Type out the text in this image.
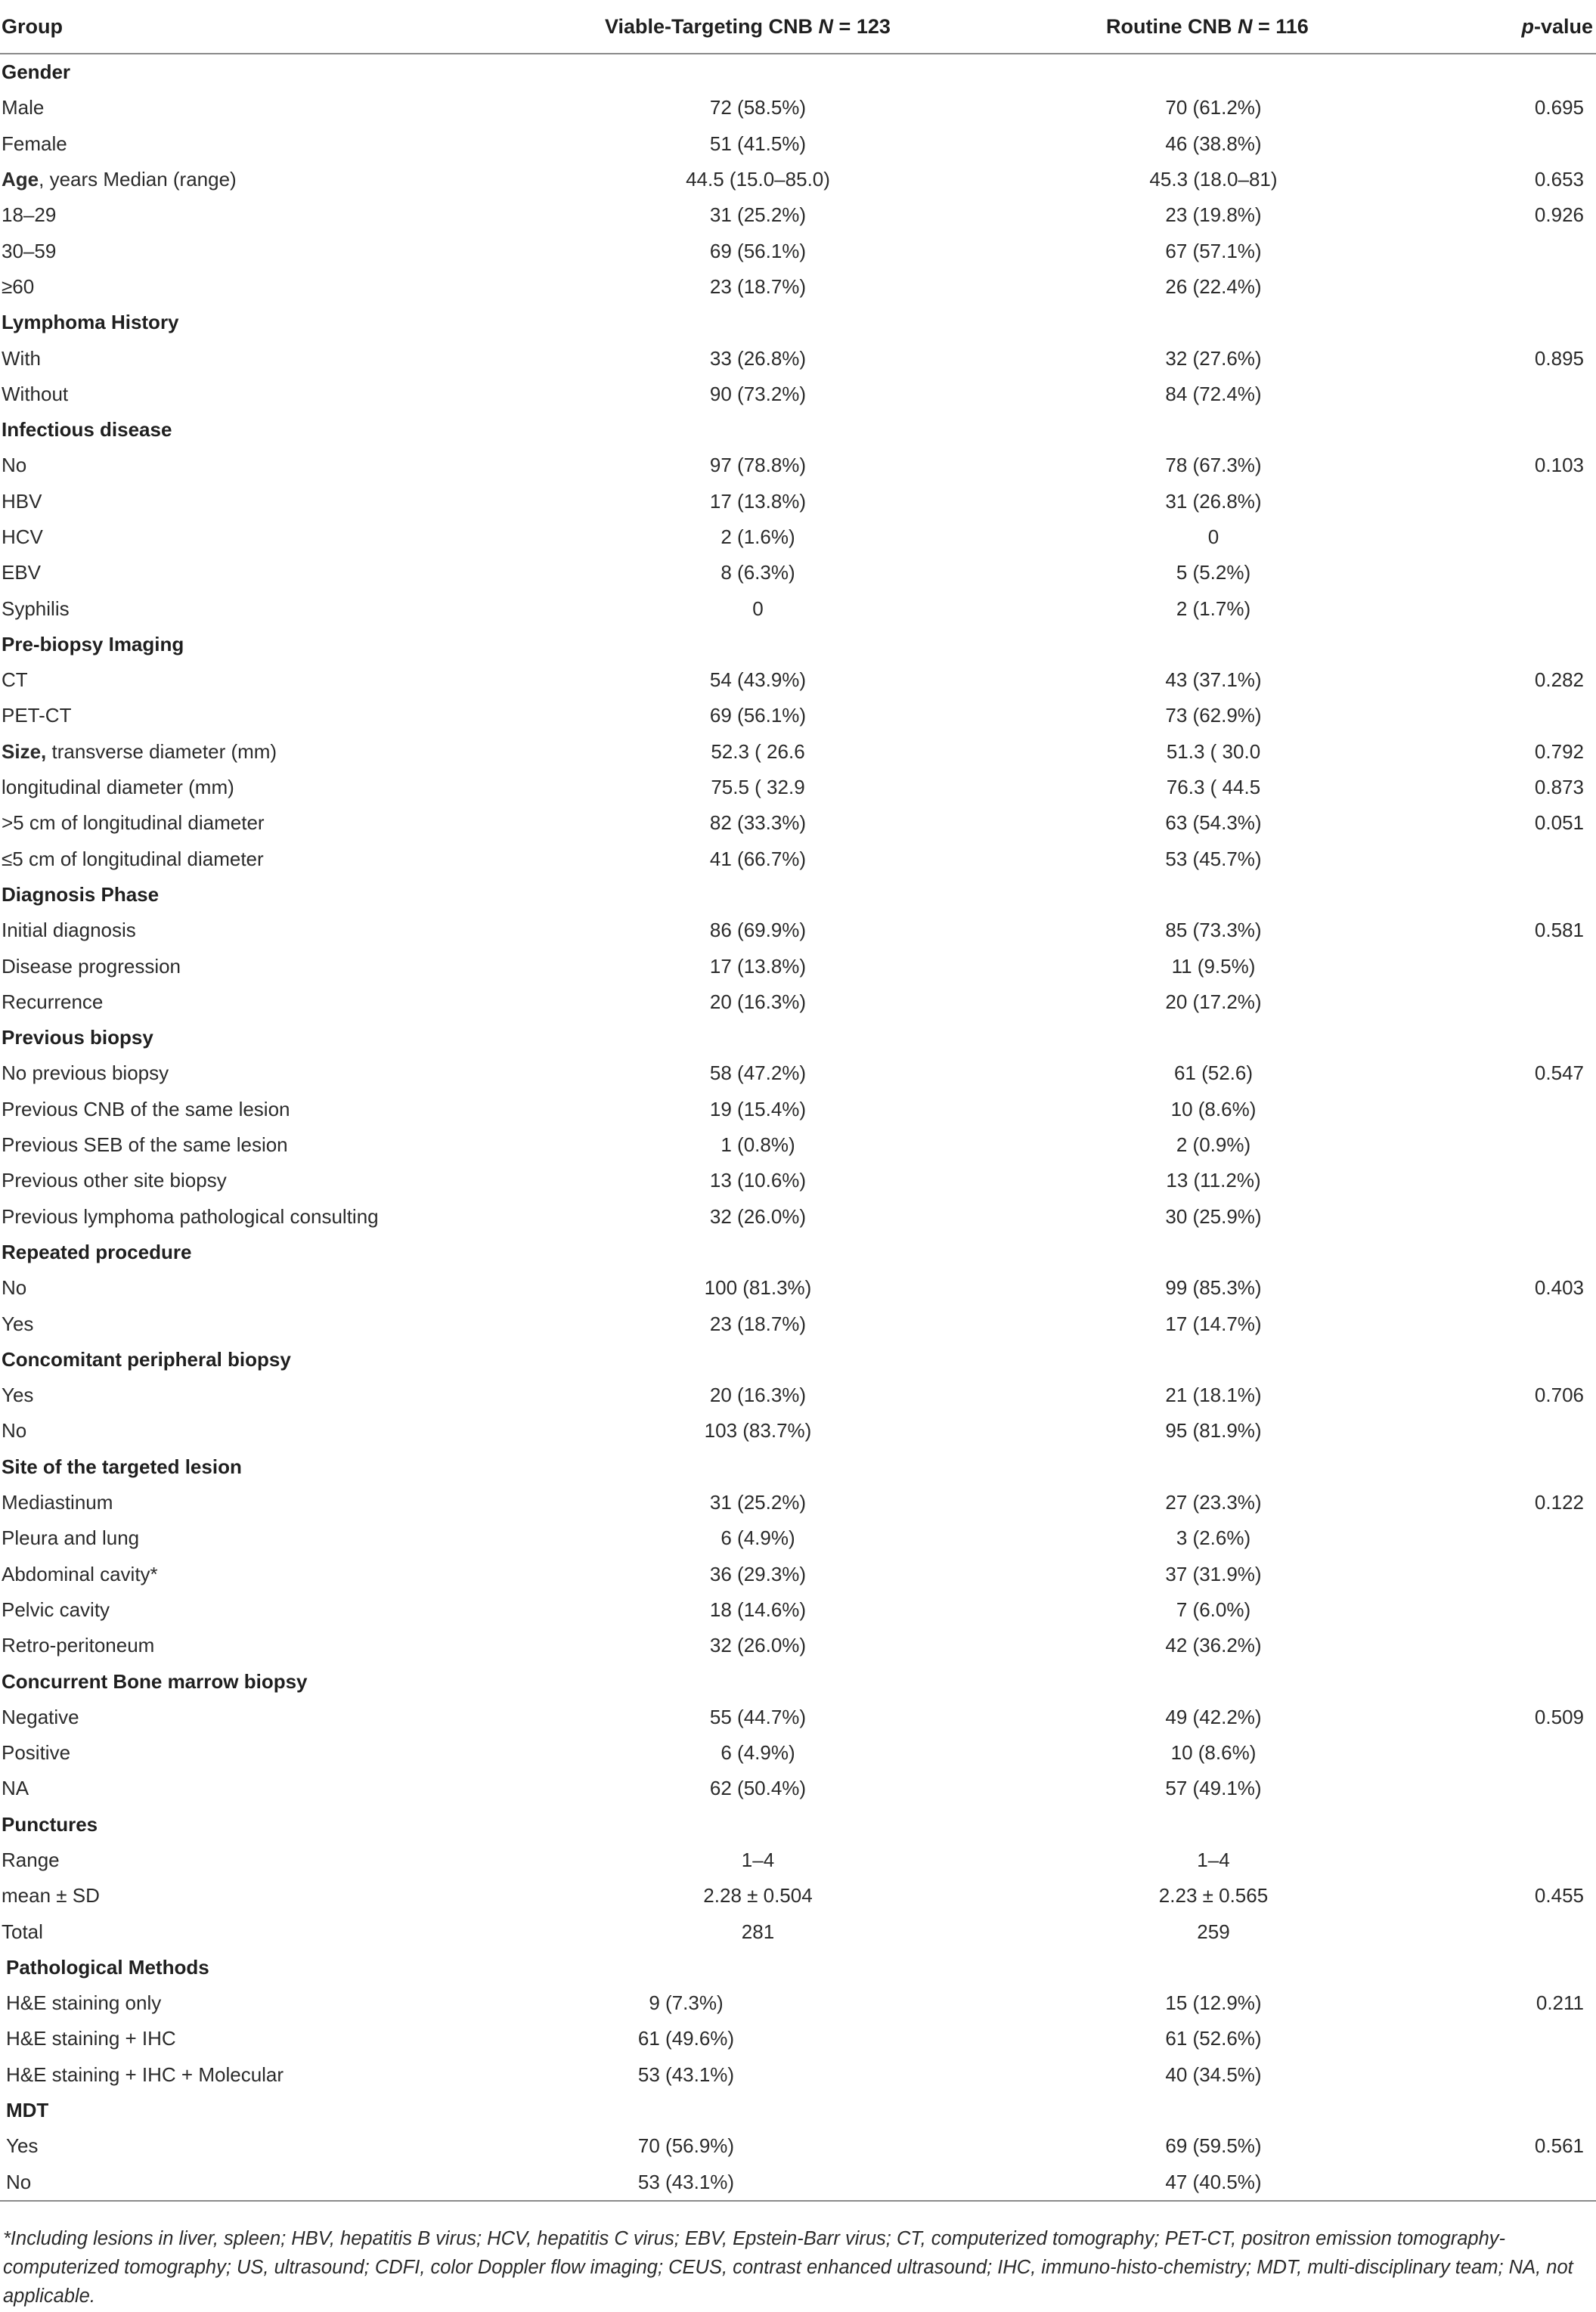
Group	Viable-Targeting CNB N = 123	Routine CNB N = 116	p-value
Gender
Male	72 (58.5%)	70 (61.2%)	0.695
Female	51 (41.5%)	46 (38.8%)	
Age, years Median (range)	44.5 (15.0–85.0)	45.3 (18.0–81)	0.653
18–29	31 (25.2%)	23 (19.8%)	0.926
30–59	69 (56.1%)	67 (57.1%)	
≥60	23 (18.7%)	26 (22.4%)	
Lymphoma History
With	33 (26.8%)	32 (27.6%)	0.895
Without	90 (73.2%)	84 (72.4%)	
Infectious disease
No	97 (78.8%)	78 (67.3%)	0.103
HBV	17 (13.8%)	31 (26.8%)	
HCV	2 (1.6%)	0	
EBV	8 (6.3%)	5 (5.2%)	
Syphilis	0	2 (1.7%)	
Pre-biopsy Imaging
CT	54 (43.9%)	43 (37.1%)	0.282
PET-CT	69 (56.1%)	73 (62.9%)	
Size, transverse diameter (mm)	52.3 ( 26.6	51.3 ( 30.0	0.792
longitudinal diameter (mm)	75.5 ( 32.9	76.3 ( 44.5	0.873
>5 cm of longitudinal diameter	82 (33.3%)	63 (54.3%)	0.051
≤5 cm of longitudinal diameter	41 (66.7%)	53 (45.7%)	
Diagnosis Phase
Initial diagnosis	86 (69.9%)	85 (73.3%)	0.581
Disease progression	17 (13.8%)	11 (9.5%)	
Recurrence	20 (16.3%)	20 (17.2%)	
Previous biopsy
No previous biopsy	58 (47.2%)	61 (52.6)	0.547
Previous CNB of the same lesion	19 (15.4%)	10 (8.6%)	
Previous SEB of the same lesion	1 (0.8%)	2 (0.9%)	
Previous other site biopsy	13 (10.6%)	13 (11.2%)	
Previous lymphoma pathological consulting	32 (26.0%)	30 (25.9%)	
Repeated procedure
No	100 (81.3%)	99 (85.3%)	0.403
Yes	23 (18.7%)	17 (14.7%)	
Concomitant peripheral biopsy
Yes	20 (16.3%)	21 (18.1%)	0.706
No	103 (83.7%)	95 (81.9%)	
Site of the targeted lesion
Mediastinum	31 (25.2%)	27 (23.3%)	0.122
Pleura and lung	6 (4.9%)	3 (2.6%)	
Abdominal cavity*	36 (29.3%)	37 (31.9%)	
Pelvic cavity	18 (14.6%)	7 (6.0%)	
Retro-peritoneum	32 (26.0%)	42 (36.2%)	
Concurrent Bone marrow biopsy
Negative	55 (44.7%)	49 (42.2%)	0.509
Positive	6 (4.9%)	10 (8.6%)	
NA	62 (50.4%)	57 (49.1%)	
Punctures
Range	1–4	1–4	
mean ± SD	2.28 ± 0.504	2.23 ± 0.565	0.455
Total	281	259	
Pathological Methods
H&E staining only	9 (7.3%)	15 (12.9%)	0.211
H&E staining + IHC	61 (49.6%)	61 (52.6%)	
H&E staining + IHC + Molecular	53 (43.1%)	40 (34.5%)	
MDT
Yes	70 (56.9%)	69 (59.5%)	0.561
No	53 (43.1%)	47 (40.5%)	
*Including lesions in liver, spleen; HBV, hepatitis B virus; HCV, hepatitis C virus; EBV, Epstein-Barr virus; CT, computerized tomography; PET-CT, positron emission tomography-computerized tomography; US, ultrasound; CDFI, color Doppler flow imaging; CEUS, contrast enhanced ultrasound; IHC, immuno-histo-chemistry; MDT, multi-disciplinary team; NA, not applicable.
